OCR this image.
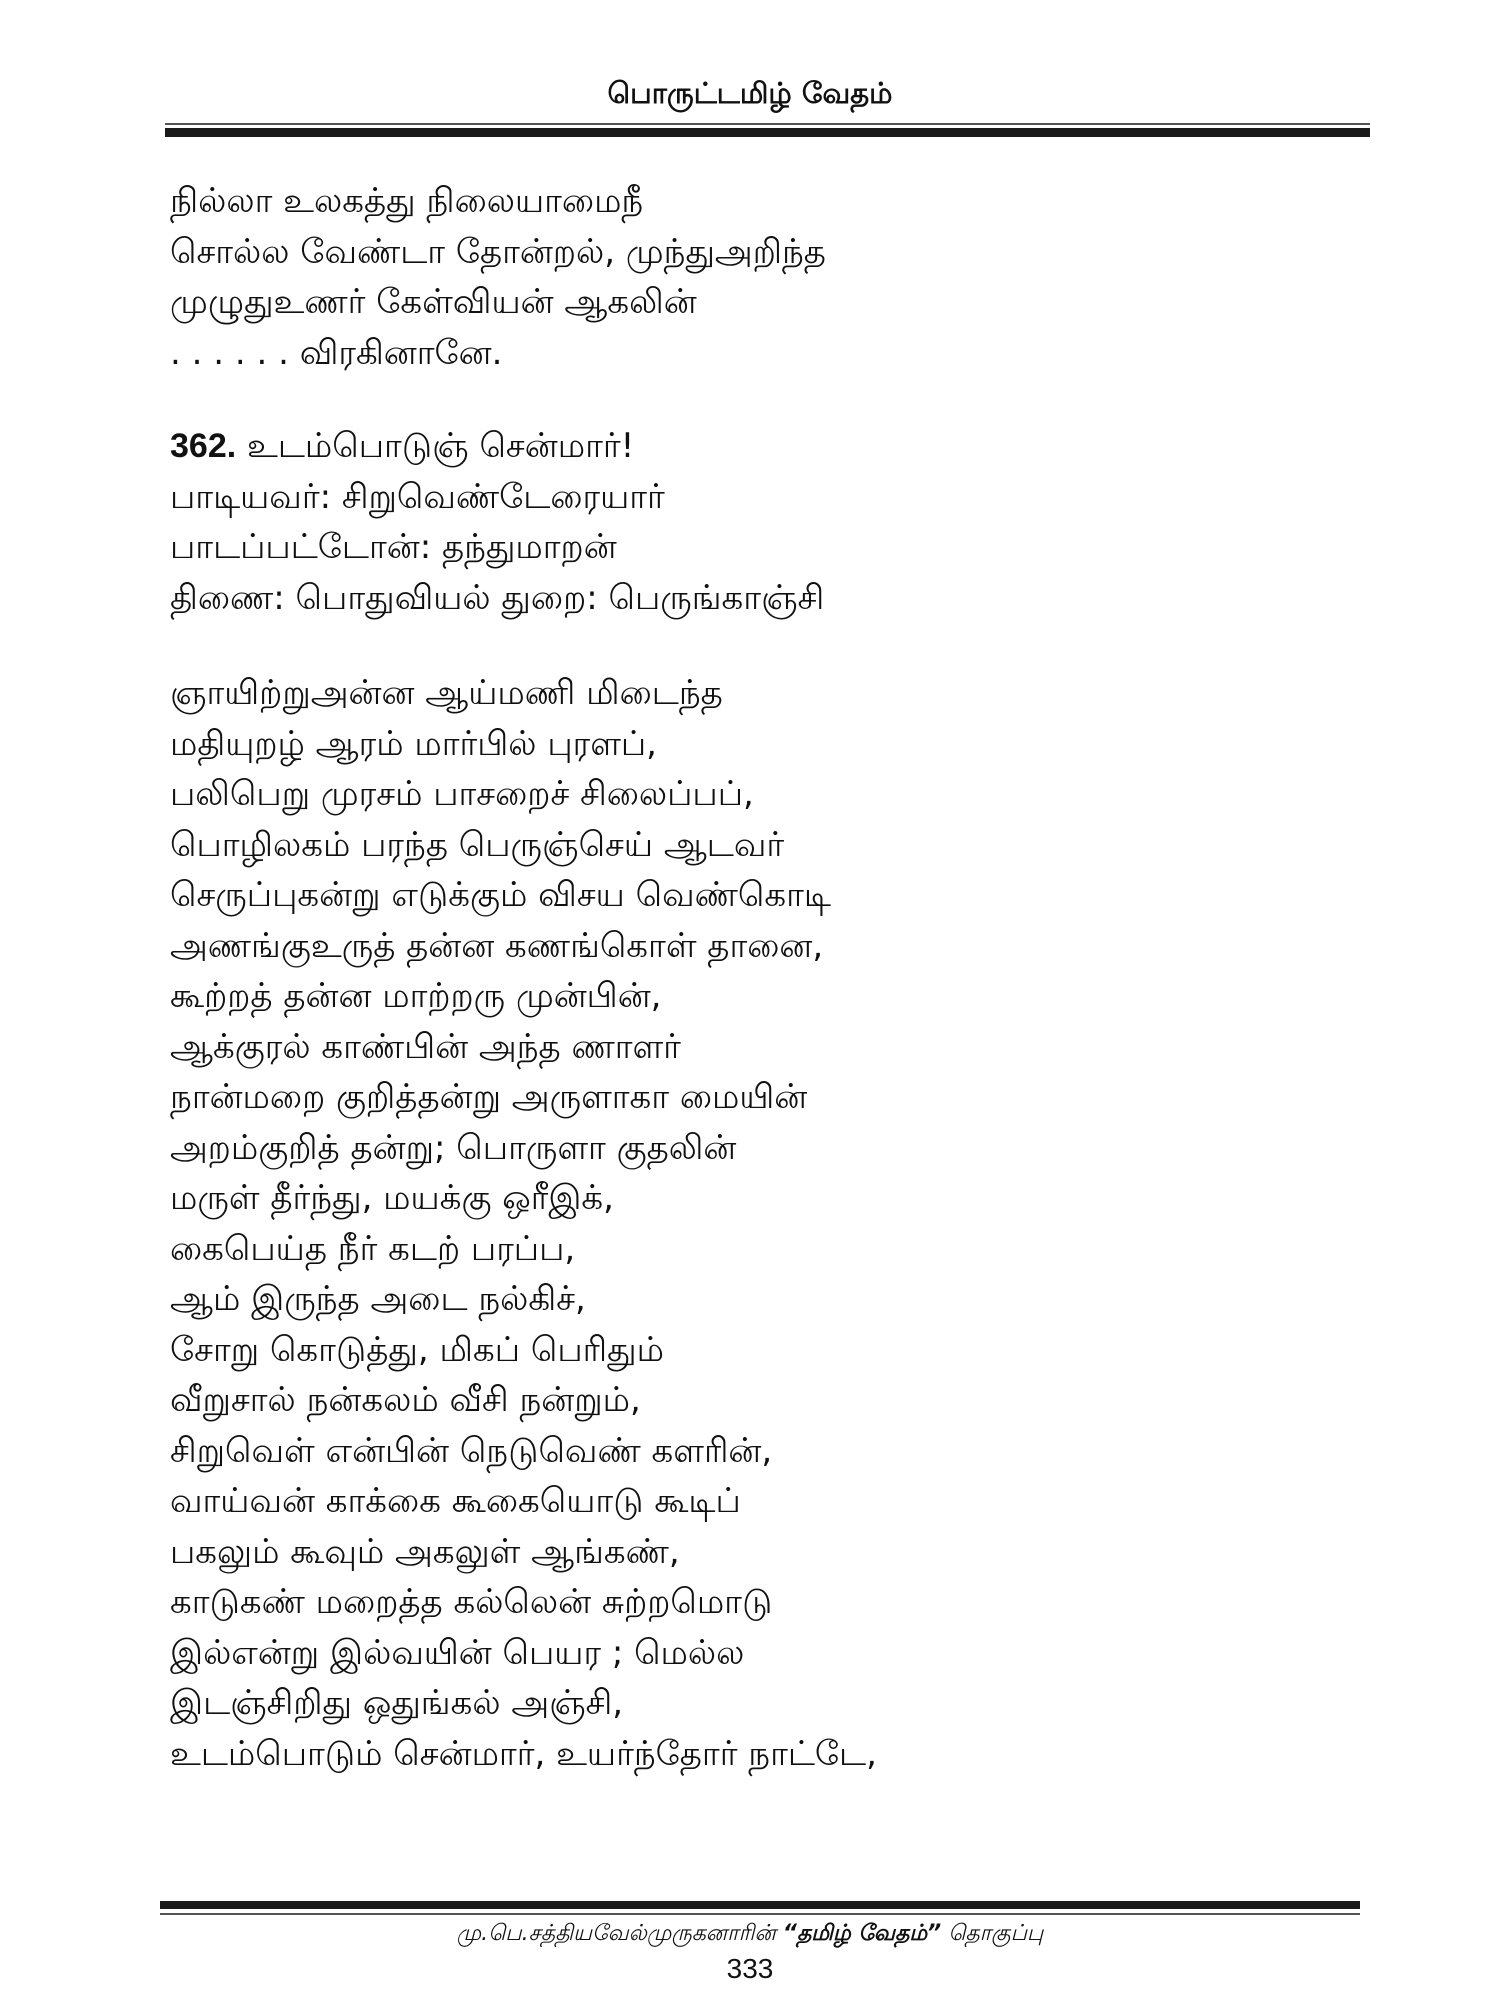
பொருட்டமிழ் வேதம்
நில்லா உலகத்து நிலையாமைநீ
சொல்ல வேண்டா தோன்றல், முந்துஅறிந்த
முழுதுஉணர் கேள்வியன் ஆகலின்
. . . . . . விரகினானே.
362. உடம்பொடுஞ் சென்மார்!
பாடியவர்: சிறுவெண்டேரையார்
பாடப்பட்டோன்: தந்துமாறன்
திணை: பொதுவியல் துறை: பெருங்காஞ்சி
ஞாயிற்றுஅன்ன ஆய்மணி மிடைந்த
மதியுறழ் ஆரம் மார்பில் புரளப்,
பலிபெறு முரசம் பாசறைச் சிலைப்பப்,
பொழிலகம் பரந்த பெருஞ்செய் ஆடவர்
செருப்புகன்று எடுக்கும் விசய வெண்கொடி
அணங்குஉருத் தன்ன கணங்கொள் தானை,
கூற்றத் தன்ன மாற்றரு முன்பின்,
ஆக்குரல் காண்பின் அந்த ணாளர்
நான்மறை குறித்தன்று அருளாகா மையின்
அறம்குறித் தன்று; பொருளா குதலின்
மருள் தீர்ந்து, மயக்கு ஒரீஇக்,
கைபெய்த நீர் கடற் பரப்ப,
ஆம் இருந்த அடை நல்கிச்,
சோறு கொடுத்து, மிகப் பெரிதும்
வீறுசால் நன்கலம் வீசி நன்றும்,
சிறுவெள் என்பின் நெடுவெண் களரின்,
வாய்வன் காக்கை கூகையொடு கூடிப்
பகலும் கூவும் அகலுள் ஆங்கண்,
காடுகண் மறைத்த கல்லென் சுற்றமொடு
இல்என்று இல்வயின் பெயர ; மெல்ல
இடஞ்சிறிது ஒதுங்கல் அஞ்சி,
உடம்பொடும் சென்மார், உயர்ந்தோர் நாட்டே,
மு.பெ.சத்தியவேல்முருகனாரின் “தமிழ் வேதம்” தொகுப்பு
333
